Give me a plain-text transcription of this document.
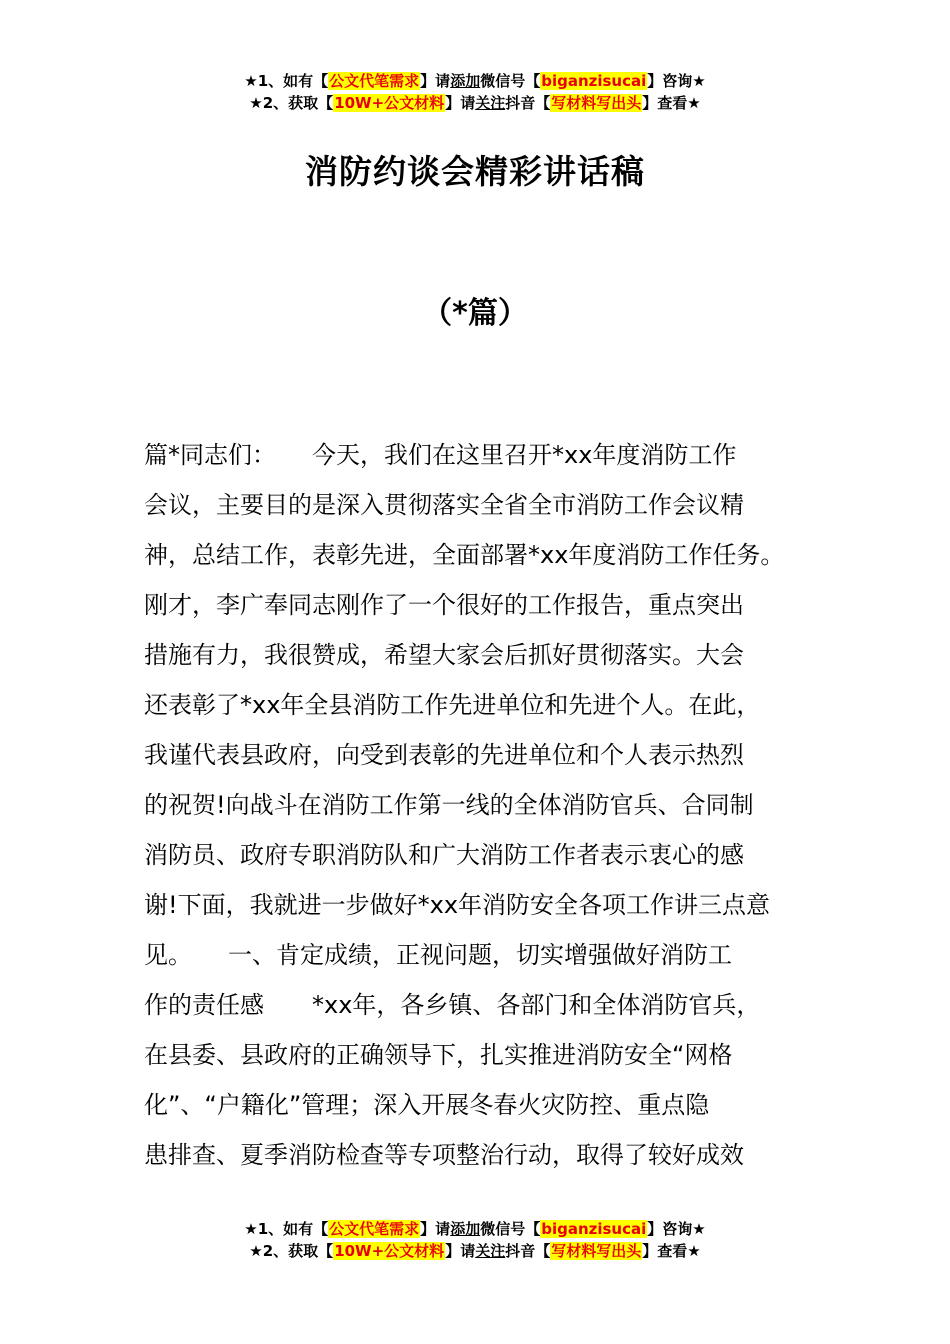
★1、如有【公文代笔需求】请添加微信号【biganzisucai】咨询★
★2、获取【10W+公文材料】请关注抖音【写材料写出头】查看★
消防约谈会精彩讲话稿
（*篇）
篇*同志们：　　今天，我们在这里召开*xx年度消防工作
会议，主要目的是深入贯彻落实全省全市消防工作会议精
神，总结工作，表彰先进，全面部署*xx年度消防工作任务。
刚才，李广奉同志刚作了一个很好的工作报告，重点突出
措施有力，我很赞成，希望大家会后抓好贯彻落实。大会
还表彰了*xx年全县消防工作先进单位和先进个人。在此，
我谨代表县政府，向受到表彰的先进单位和个人表示热烈
的祝贺!向战斗在消防工作第一线的全体消防官兵、合同制
消防员、政府专职消防队和广大消防工作者表示衷心的感
谢!下面，我就进一步做好*xx年消防安全各项工作讲三点意
见。　　一、肯定成绩，正视问题，切实增强做好消防工
作的责任感　　*xx年，各乡镇、各部门和全体消防官兵，
在县委、县政府的正确领导下，扎实推进消防安全“网格
化”、“户籍化”管理；深入开展冬春火灾防控、重点隐
患排查、夏季消防检查等专项整治行动，取得了较好成效
★1、如有【公文代笔需求】请添加微信号【biganzisucai】咨询★
★2、获取【10W+公文材料】请关注抖音【写材料写出头】查看★
